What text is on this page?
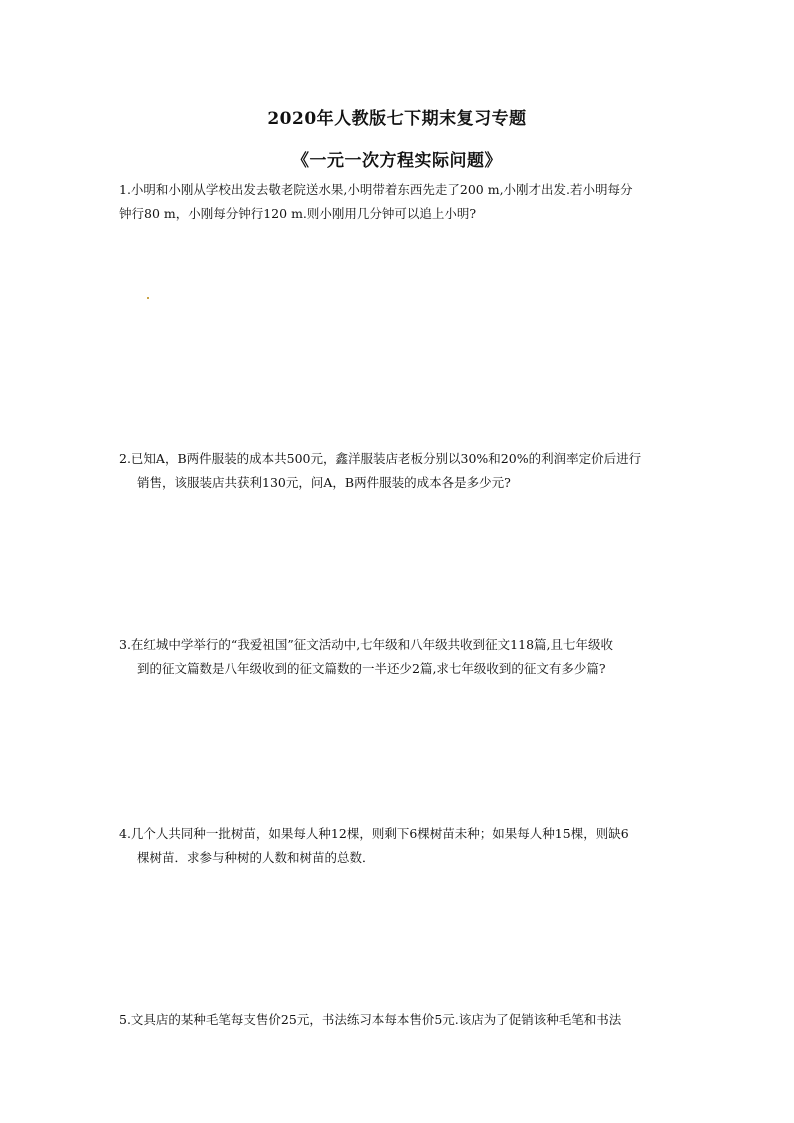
2020年人教版七下期末复习专题
《一元一次方程实际问题》
1.小明和小刚从学校出发去敬老院送水果,小明带着东西先走了200 m,小刚才出发.若小明每分
钟行80 m，小刚每分钟行120 m.则小刚用几分钟可以追上小明?
2.已知A，B两件服装的成本共500元，鑫洋服装店老板分别以30%和20%的利润率定价后进行
销售，该服装店共获利130元，问A，B两件服装的成本各是多少元?
3.在红城中学举行的“我爱祖国”征文活动中,七年级和八年级共收到征文118篇,且七年级收
到的征文篇数是八年级收到的征文篇数的一半还少2篇,求七年级收到的征文有多少篇?
4.几个人共同种一批树苗，如果每人种12棵，则剩下6棵树苗未种；如果每人种15棵，则缺6
棵树苗．求参与种树的人数和树苗的总数．
5.文具店的某种毛笔每支售价25元，书法练习本每本售价5元.该店为了促销该种毛笔和书法
